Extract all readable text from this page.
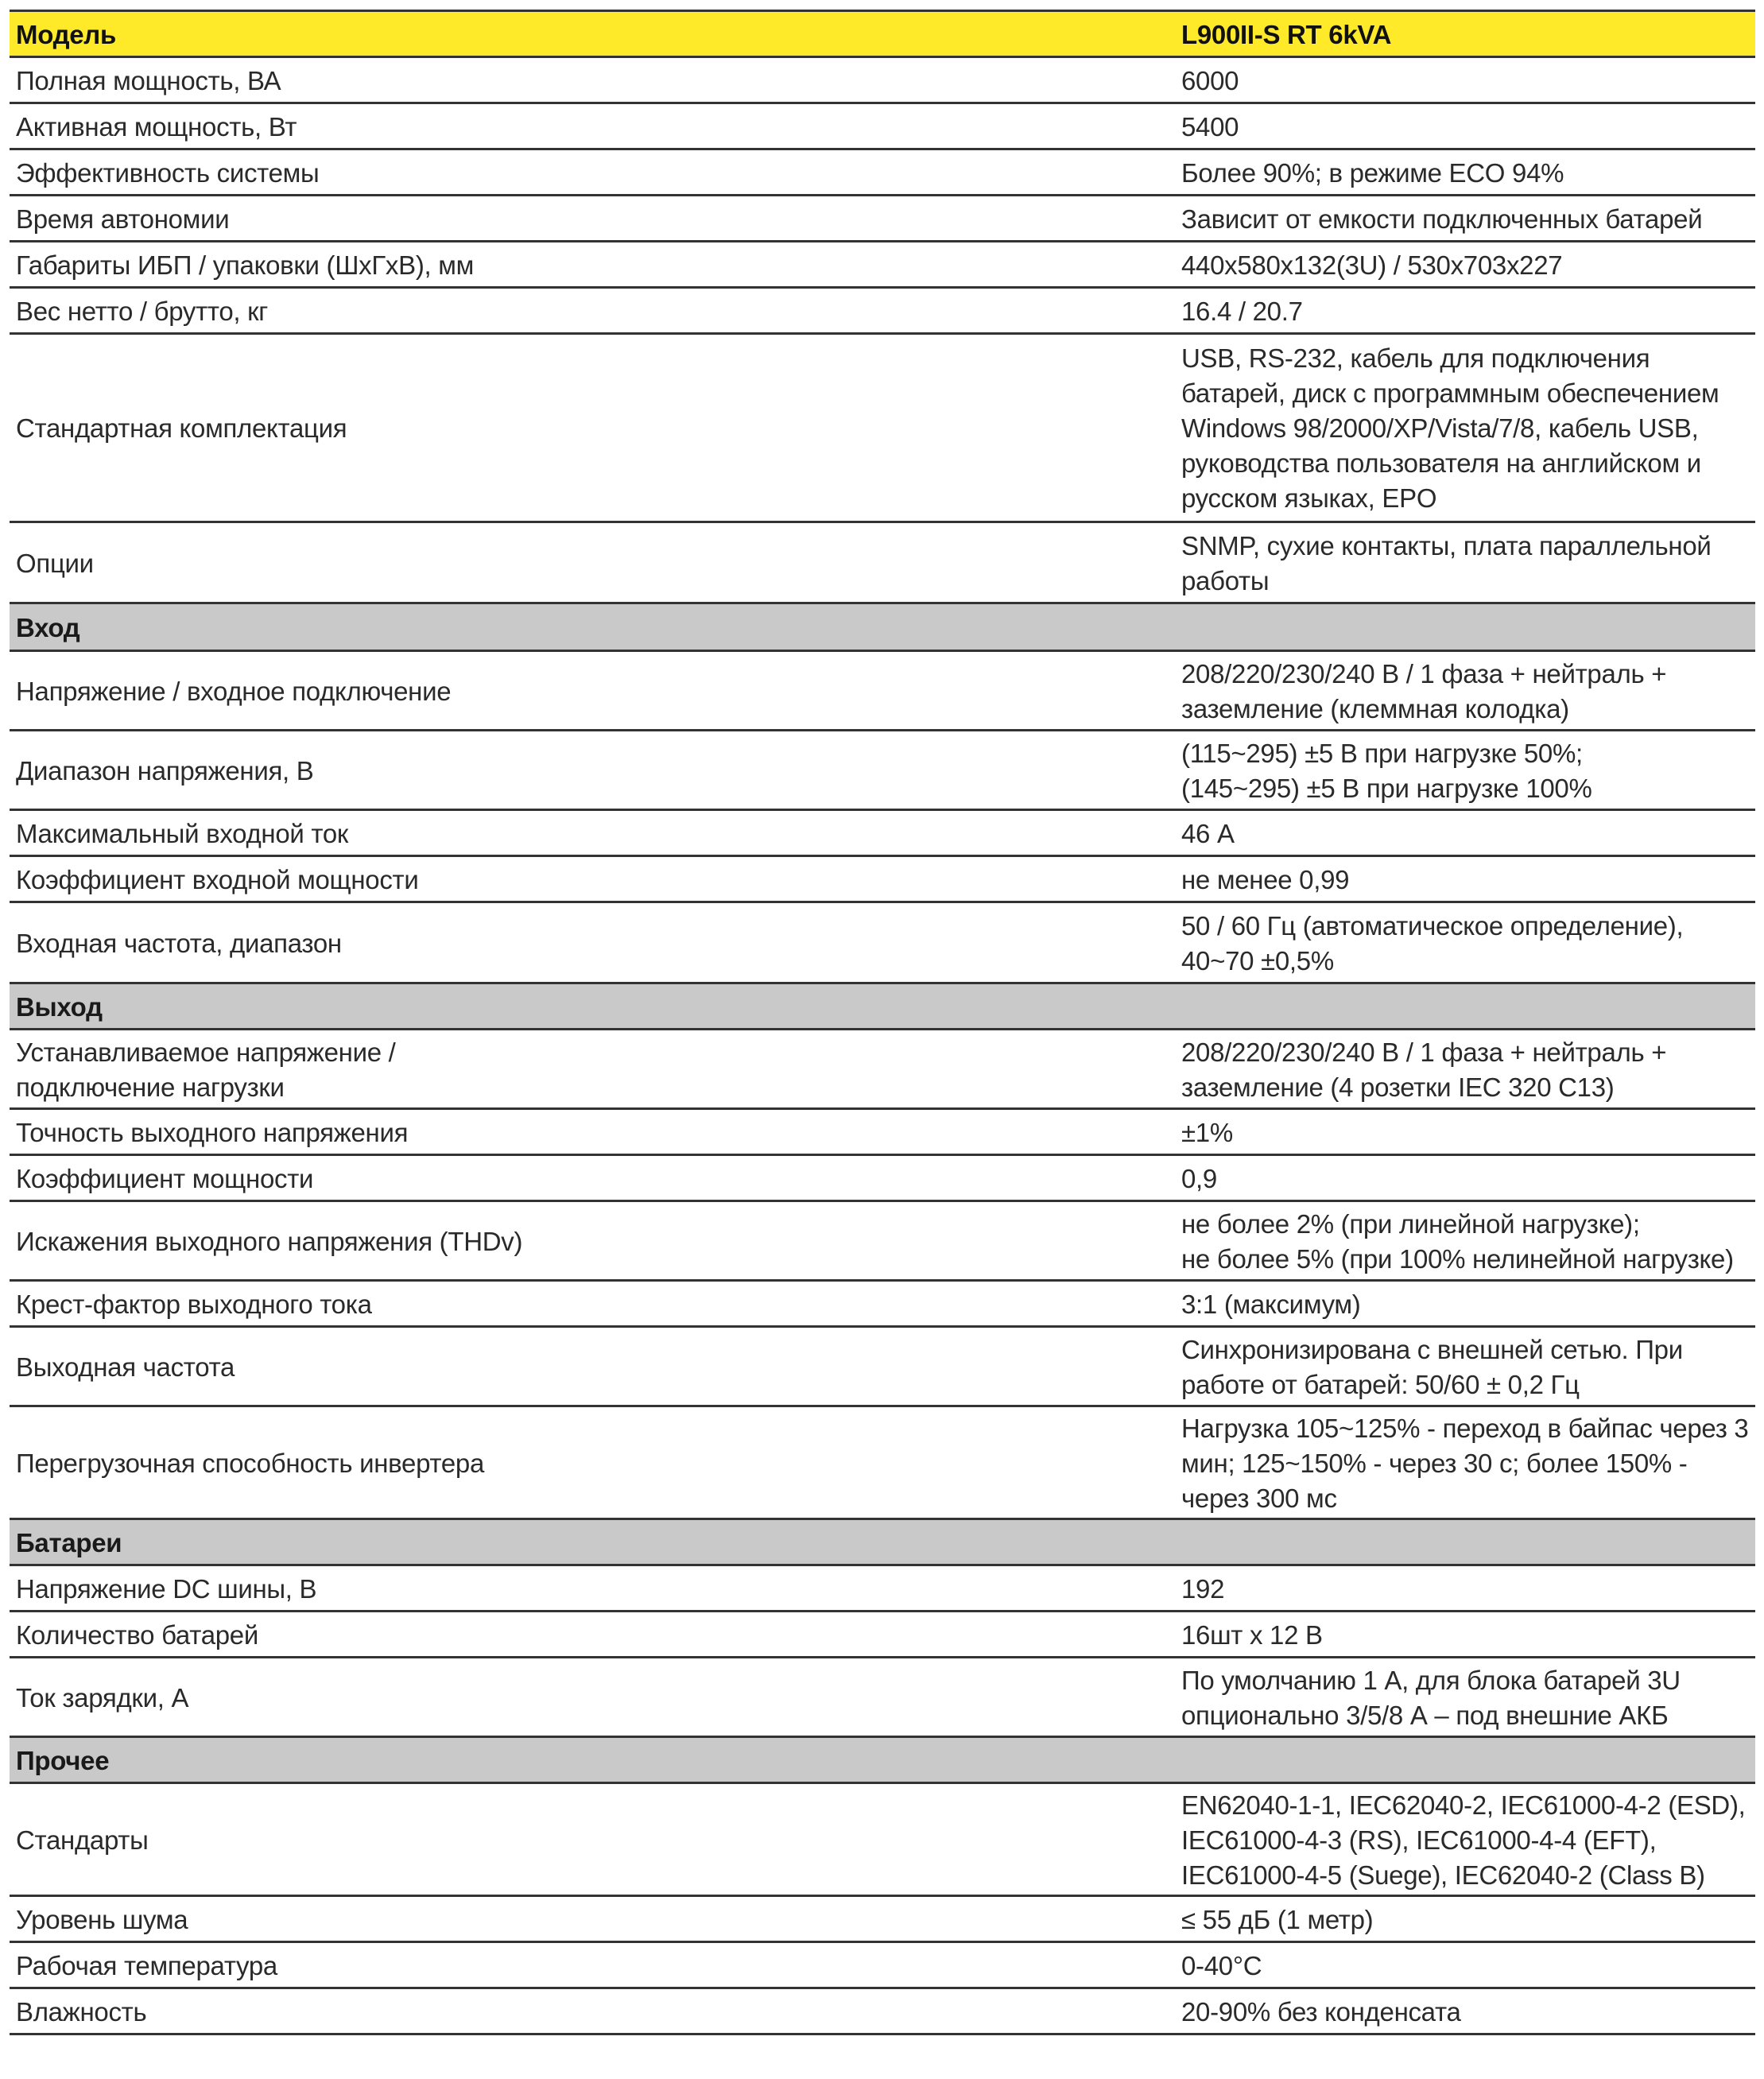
Модель	L900II-S RT 6kVA

Полная мощность, ВА	6000

Активная мощность, Вт	5400

Эффективность системы	Более 90%; в режиме ECO 94%

Время автономии	Зависит от емкости подключенных батарей

Габариты ИБП / упаковки (ШхГхВ), мм	440x580x132(3U) / 530x703x227

Вес нетто / брутто, кг	16.4 / 20.7

Стандартная комплектация	USB, RS-232, кабель для подключения
батарей, диск с программным обеспечением
Windows 98/2000/XP/Vista/7/8, кабель USB,
руководства пользователя на английском и
русском языках, EPO

Опции	SNMP, сухие контакты, плата параллельной
работы

Вход	

Напряжение / входное подключение	208/220/230/240 В / 1 фаза + нейтраль +
заземление (клеммная колодка)

Диапазон напряжения, В	(115~295) ±5 В при нагрузке 50%;
(145~295) ±5 В при нагрузке 100%

Максимальный входной ток	46 А

Коэффициент входной мощности	не менее 0,99

Входная частота, диапазон	50 / 60 Гц (автоматическое определение),
40~70 ±0,5%

Выход	

Устанавливаемое напряжение /
подключение нагрузки	208/220/230/240 В / 1 фаза + нейтраль +
заземление (4 розетки IEC 320 C13)

Точность выходного напряжения	±1%

Коэффициент мощности	0,9

Искажения выходного напряжения (THDv)	не более 2% (при линейной нагрузке);
не более 5% (при 100% нелинейной нагрузке)

Крест-фактор выходного тока	3:1 (максимум)

Выходная частота	Синхронизирована с внешней сетью. При
работе от батарей: 50/60 ± 0,2 Гц

Перегрузочная способность инвертера	Нагрузка 105~125% - переход в байпас через 3
мин; 125~150% - через 30 с; более 150% -
через 300 мс

Батареи	

Напряжение DC шины, В	192

Количество батарей	16шт x 12 В

Ток зарядки, А	По умолчанию 1 А, для блока батарей 3U
опционально 3/5/8 А – под внешние АКБ

Прочее	

Стандарты	EN62040-1-1, IEC62040-2, IEC61000-4-2 (ESD),
IEC61000-4-3 (RS), IEC61000-4-4 (EFT),
IEC61000-4-5 (Suege), IEC62040-2 (Class B)

Уровень шума	≤ 55 дБ (1 метр)

Рабочая температура	0-40°C

Влажность	20-90% без конденсата
